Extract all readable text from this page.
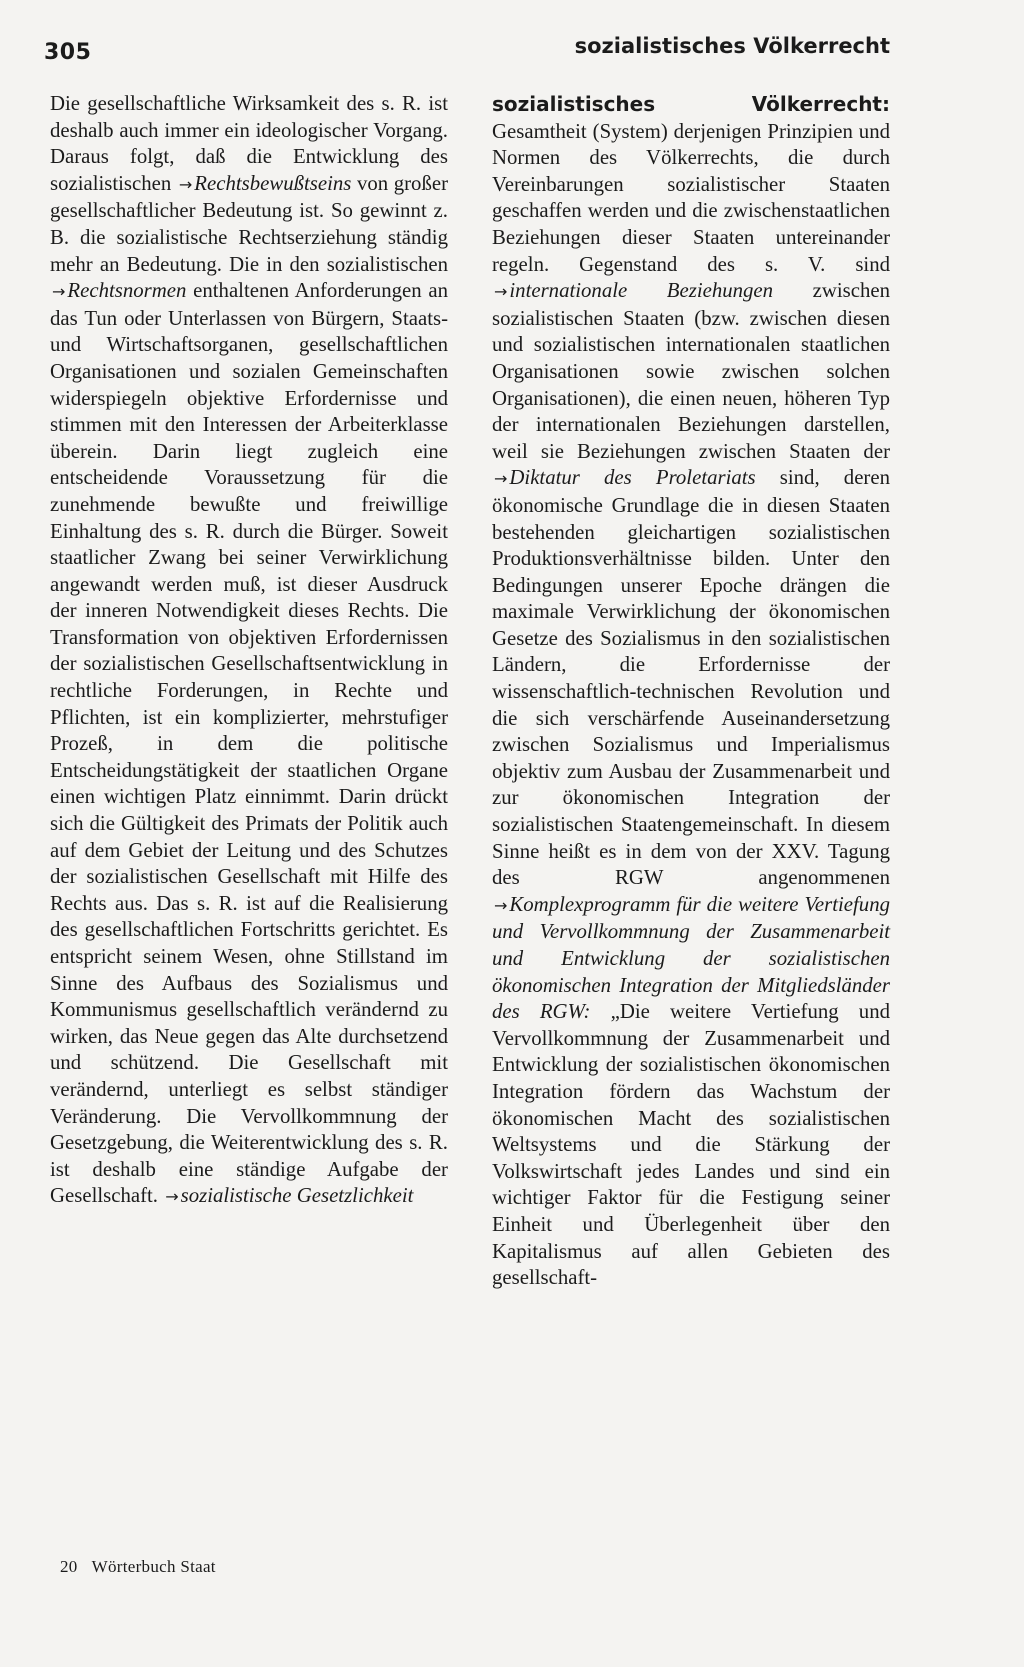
305	sozialistisches Völkerrecht

Die gesellschaftliche Wirksamkeit des s. R. ist deshalb auch immer ein ideologischer Vorgang. Daraus folgt, daß die Entwicklung des sozialistischen →Rechtsbewußtseins von großer gesellschaftlicher Bedeutung ist. So gewinnt z. B. die sozialistische Rechtserziehung ständig mehr an Bedeutung. Die in den sozialistischen →Rechtsnormen enthaltenen Anforderungen an das Tun oder Unterlassen von Bürgern, Staats- und Wirtschaftsorganen, gesellschaftlichen Organisationen und sozialen Gemeinschaften widerspiegeln objektive Erfordernisse und stimmen mit den Interessen der Arbeiterklasse überein. Darin liegt zugleich eine entscheidende Voraussetzung für die zunehmende bewußte und freiwillige Einhaltung des s. R. durch die Bürger. Soweit staatlicher Zwang bei seiner Verwirklichung angewandt werden muß, ist dieser Ausdruck der inneren Notwendigkeit dieses Rechts. Die Transformation von objektiven Erfordernissen der sozialistischen Gesellschaftsentwicklung in rechtliche Forderungen, in Rechte und Pflichten, ist ein komplizierter, mehrstufiger Prozeß, in dem die politische Entscheidungstätigkeit der staatlichen Organe einen wichtigen Platz einnimmt. Darin drückt sich die Gültigkeit des Primats der Politik auch auf dem Gebiet der Leitung und des Schutzes der sozialistischen Gesellschaft mit Hilfe des Rechts aus. Das s. R. ist auf die Realisierung des gesellschaftlichen Fortschritts gerichtet. Es entspricht seinem Wesen, ohne Stillstand im Sinne des Aufbaus des Sozialismus und Kommunismus gesellschaftlich verändernd zu wirken, das Neue gegen das Alte durchsetzend und schützend. Die Gesellschaft mit verändernd, unterliegt es selbst ständiger Veränderung. Die Vervollkommnung der Gesetzgebung, die Weiterentwicklung des s. R. ist deshalb eine ständige Aufgabe der Gesellschaft. →sozialistische Gesetzlichkeit

sozialistisches Völkerrecht: Gesamtheit (System) derjenigen Prinzipien und Normen des Völkerrechts, die durch Vereinbarungen sozialistischer Staaten geschaffen werden und die zwischenstaatlichen Beziehungen dieser Staaten untereinander regeln. Gegenstand des s. V. sind →internationale Beziehungen zwischen sozialistischen Staaten (bzw. zwischen diesen und sozialistischen internationalen staatlichen Organisationen sowie zwischen solchen Organisationen), die einen neuen, höheren Typ der internationalen Beziehungen darstellen, weil sie Beziehungen zwischen Staaten der →Diktatur des Proletariats sind, deren ökonomische Grundlage die in diesen Staaten bestehenden gleichartigen sozialistischen Produktionsverhältnisse bilden. Unter den Bedingungen unserer Epoche drängen die maximale Verwirklichung der ökonomischen Gesetze des Sozialismus in den sozialistischen Ländern, die Erfordernisse der wissenschaftlich-technischen Revolution und die sich verschärfende Auseinandersetzung zwischen Sozialismus und Imperialismus objektiv zum Ausbau der Zusammenarbeit und zur ökonomischen Integration der sozialistischen Staatengemeinschaft. In diesem Sinne heißt es in dem von der XXV. Tagung des RGW angenommenen →Komplexprogramm für die weitere Vertiefung und Vervollkommnung der Zusammenarbeit und Entwicklung der sozialistischen ökonomischen Integration der Mitgliedsländer des RGW: „Die weitere Vertiefung und Vervollkommnung der Zusammenarbeit und Entwicklung der sozialistischen ökonomischen Integration fördern das Wachstum der ökonomischen Macht des sozialistischen Weltsystems und die Stärkung der Volkswirtschaft jedes Landes und sind ein wichtiger Faktor für die Festigung seiner Einheit und Überlegenheit über den Kapitalismus auf allen Gebieten des gesellschaft-

20 Wörterbuch Staat
